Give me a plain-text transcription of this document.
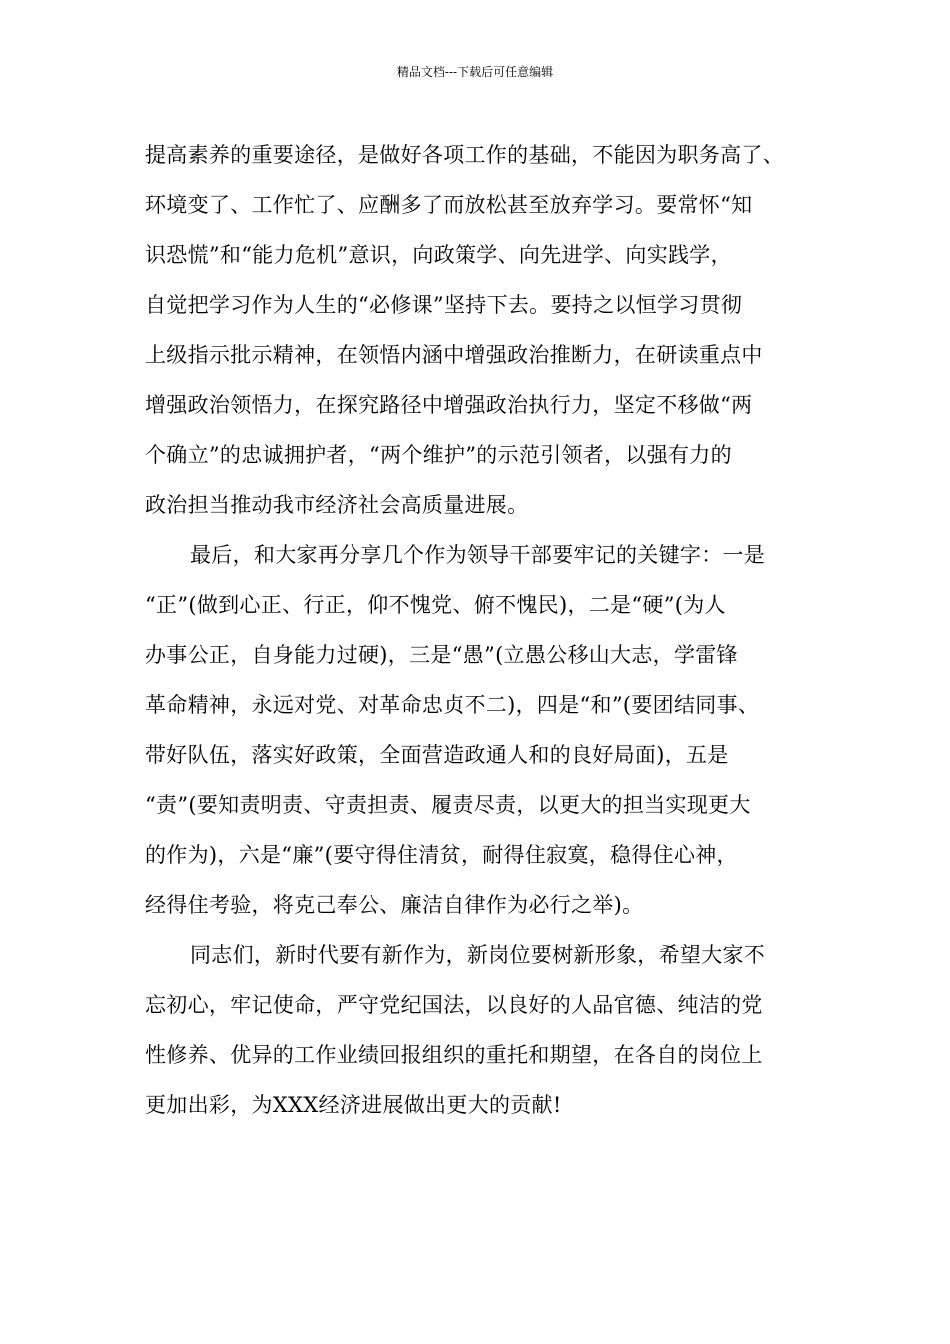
精品文档---下载后可任意编辑
提高素养的重要途径，是做好各项工作的基础，不能因为职务高了、
环境变了、工作忙了、应酬多了而放松甚至放弃学习。要常怀“知
识恐慌”和“能力危机”意识，向政策学、向先进学、向实践学，
自觉把学习作为人生的“必修课”坚持下去。要持之以恒学习贯彻
上级指示批示精神，在领悟内涵中增强政治推断力，在研读重点中
增强政治领悟力，在探究路径中增强政治执行力，坚定不移做“两
个确立”的忠诚拥护者，“两个维护”的示范引领者，以强有力的
政治担当推动我市经济社会高质量进展。
最后，和大家再分享几个作为领导干部要牢记的关键字：一是
“正”(做到心正、行正，仰不愧党、俯不愧民)，二是“硬”(为人
办事公正，自身能力过硬)，三是“愚”(立愚公移山大志，学雷锋
革命精神，永远对党、对革命忠贞不二)，四是“和”(要团结同事、
带好队伍，落实好政策，全面营造政通人和的良好局面)，五是
“责”(要知责明责、守责担责、履责尽责，以更大的担当实现更大
的作为)，六是“廉”(要守得住清贫，耐得住寂寞，稳得住心神，
经得住考验，将克己奉公、廉洁自律作为必行之举)。
同志们，新时代要有新作为，新岗位要树新形象，希望大家不
忘初心，牢记使命，严守党纪国法，以良好的人品官德、纯洁的党
性修养、优异的工作业绩回报组织的重托和期望，在各自的岗位上
更加出彩，为XXX经济进展做出更大的贡献!
